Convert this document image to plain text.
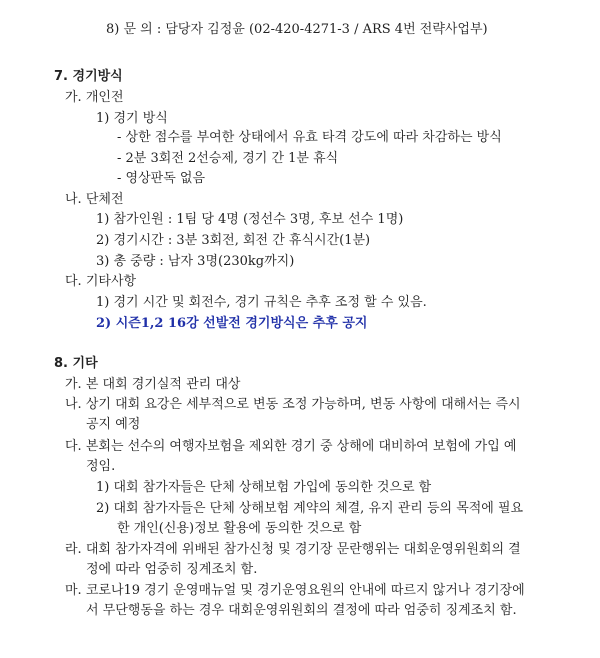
8) 문 의 : 담당자 김정윤 (02-420-4271-3 / ARS 4번 전략사업부)
7. 경기방식
가. 개인전
1) 경기 방식
- 상한 점수를 부여한 상태에서 유효 타격 강도에 따라 차감하는 방식
- 2분 3회전 2선승제, 경기 간 1분 휴식
- 영상판독 없음
나. 단체전
1) 참가인원 : 1팀 당 4명 (정선수 3명, 후보 선수 1명)
2) 경기시간 : 3분 3회전, 회전 간 휴식시간(1분)
3) 총 중량 : 남자 3명(230kg까지)
다. 기타사항
1) 경기 시간 및 회전수, 경기 규칙은 추후 조정 할 수 있음.
2) 시즌1,2 16강 선발전 경기방식은 추후 공지
8. 기타
가. 본 대회 경기실적 관리 대상
나. 상기 대회 요강은 세부적으로 변동 조정 가능하며, 변동 사항에 대해서는 즉시
공지 예정
다. 본회는 선수의 여행자보험을 제외한 경기 중 상해에 대비하여 보험에 가입 예
정임.
1) 대회 참가자들은 단체 상해보험 가입에 동의한 것으로 함
2) 대회 참가자들은 단체 상해보험 계약의 체결, 유지 관리 등의 목적에 필요
한 개인(신용)정보 활용에 동의한 것으로 함
라. 대회 참가자격에 위배된 참가신청 및 경기장 문란행위는 대회운영위원회의 결
정에 따라 엄중히 징계조치 함.
마. 코로나19 경기 운영매뉴얼 및 경기운영요원의 안내에 따르지 않거나 경기장에
서 무단행동을 하는 경우 대회운영위원회의 결정에 따라 엄중히 징계조치 함.
